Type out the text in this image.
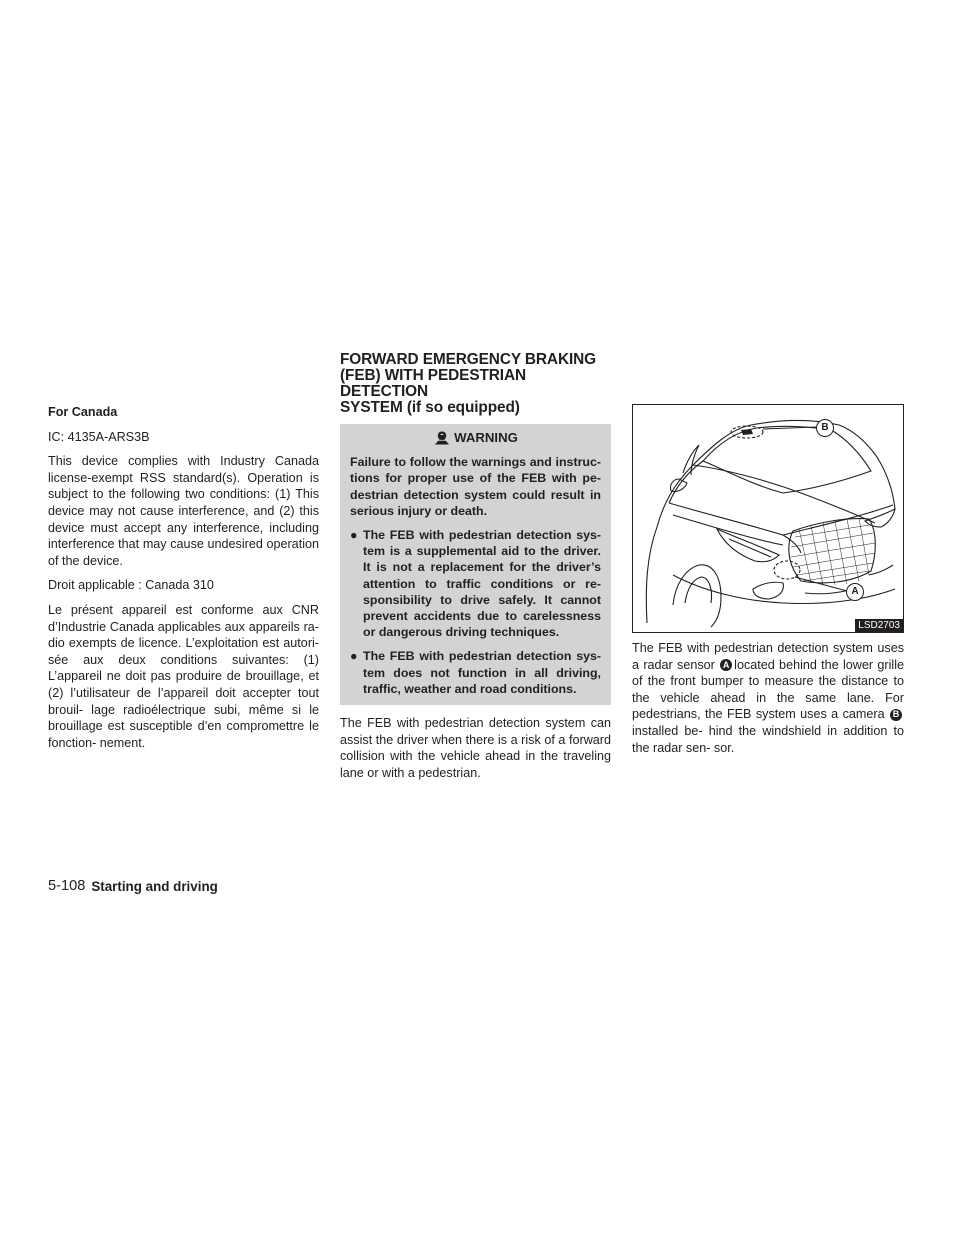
For Canada

IC: 4135A-ARS3B

This device complies with Industry Canada license-exempt RSS standard(s). Operation is subject to the following two conditions: (1) This device may not cause interference, and (2) this device must accept any interference, including interference that may cause undesired operation of the device.

Droit applicable : Canada 310

Le présent appareil est conforme aux CNR d’Industrie Canada applicables aux appareils ra- dio exempts de licence. L’exploitation est autori- sée aux deux conditions suivantes: (1) L’appareil ne doit pas produire de brouillage, et (2) l’utilisateur de l’appareil doit accepter tout brouil- lage radioélectrique subi, même si le brouillage est susceptible d’en compromettre le fonction- nement.

FORWARD EMERGENCY BRAKING
(FEB) WITH PEDESTRIAN DETECTION
SYSTEM (if so equipped)
WARNING

Failure to follow the warnings and instruc- tions for proper use of the FEB with pe- destrian detection system could result in serious injury or death.

● The FEB with pedestrian detection sys- tem is a supplemental aid to the driver. It is not a replacement for the driver’s attention to traffic conditions or re- sponsibility to drive safely. It cannot prevent accidents due to carelessness or dangerous driving techniques.
● The FEB with pedestrian detection sys- tem does not function in all driving, traffic, weather and road conditions.

The FEB with pedestrian detection system can assist the driver when there is a risk of a forward collision with the vehicle ahead in the traveling lane or with a pedestrian.

B
A
LSD2703

The FEB with pedestrian detection system uses a radar sensor A located behind the lower grille of the front bumper to measure the distance to the vehicle ahead in the same lane. For pedestrians, the FEB system uses a camera Binstalled be- hind the windshield in addition to the radar sen- sor.

5-108 Starting and driving
